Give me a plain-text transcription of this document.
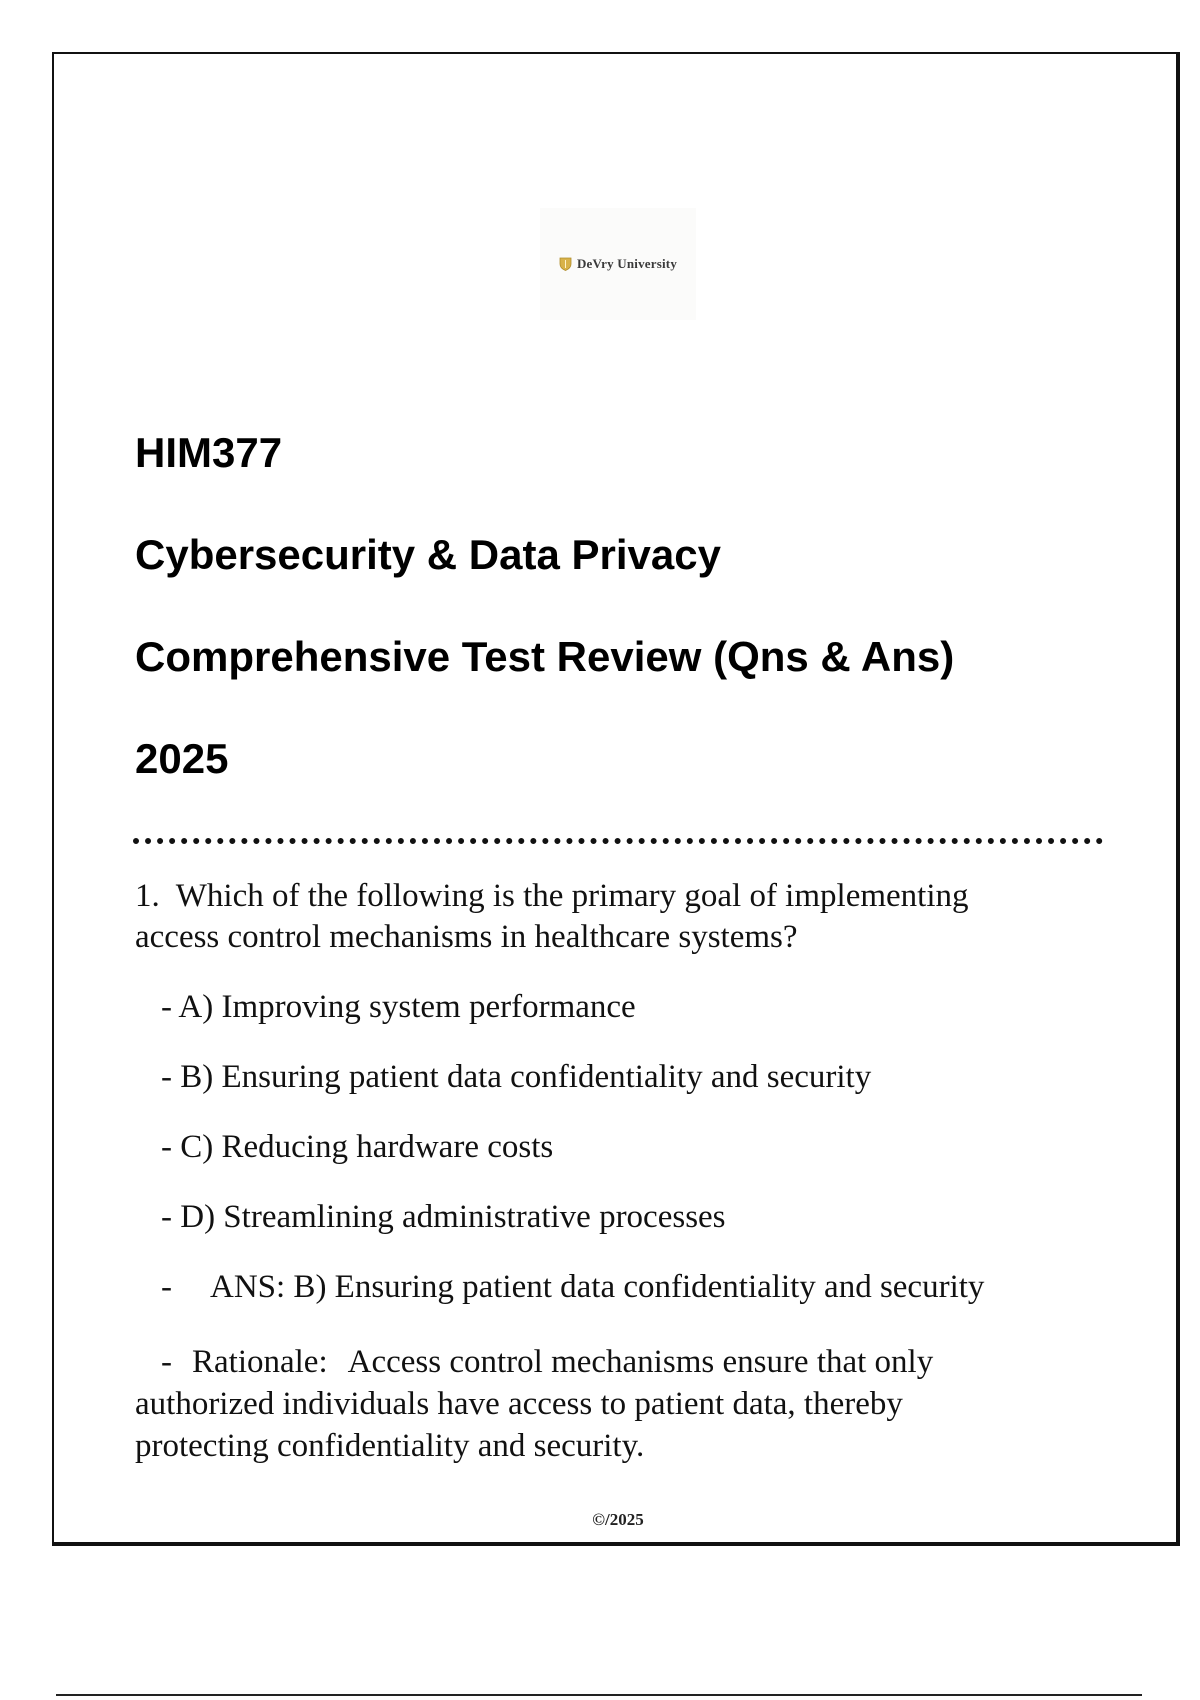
DeVry University
HIM377
Cybersecurity & Data Privacy
Comprehensive Test Review (Qns & Ans)
2025

1. Which of the following is the primary goal of implementing
access control mechanisms in healthcare systems?

- A) Improving system performance
- B) Ensuring patient data confidentiality and security
- C) Reducing hardware costs
- D) Streamlining administrative processes
- ANS: B) Ensuring patient data confidentiality and security
- Rationale: Access control mechanisms ensure that only
authorized individuals have access to patient data, thereby
protecting confidentiality and security.
©/2025
